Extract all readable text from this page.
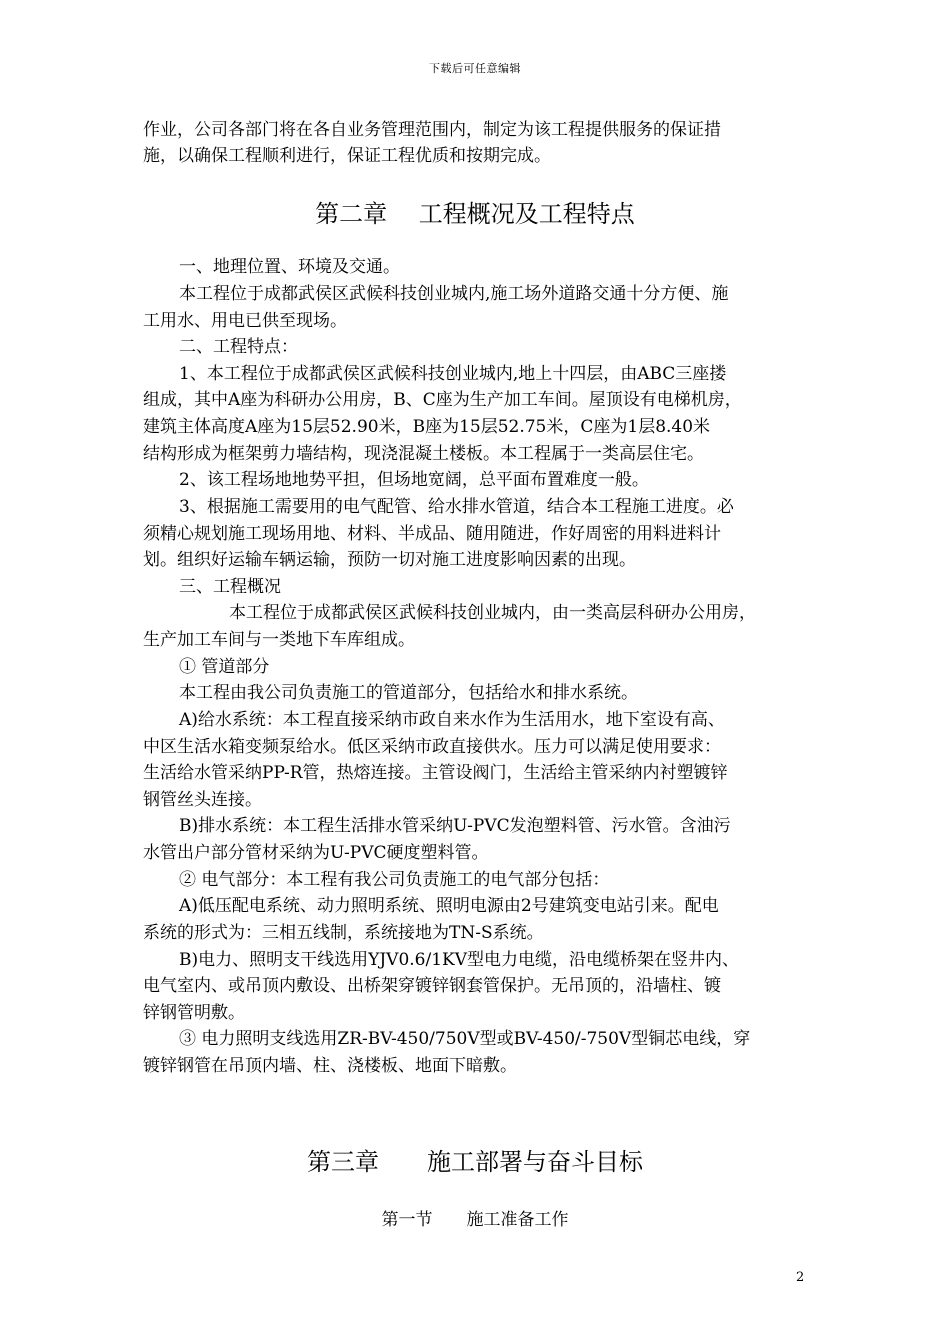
下载后可任意编辑
作业，公司各部门将在各自业务管理范围内，制定为该工程提供服务的保证措
施，以确保工程顺利进行，保证工程优质和按期完成。
第二章　 工程概况及工程特点
一、地理位置、环境及交通。
本工程位于成都武侯区武候科技创业城内,施工场外道路交通十分方便、施
工用水、用电已供至现场。
二、工程特点：
1、本工程位于成都武侯区武候科技创业城内,地上十四层，由ABC三座搂
组成，其中A座为科研办公用房，B、C座为生产加工车间。屋顶设有电梯机房，
建筑主体高度A座为15层52.90米，B座为15层52.75米，C座为1层8.40米
结构形成为框架剪力墙结构，现浇混凝土楼板。本工程属于一类高层住宅。
2、该工程场地地势平担，但场地宽阔，总平面布置难度一般。
3、根据施工需要用的电气配管、给水排水管道，结合本工程施工进度。必
须精心规划施工现场用地、材料、半成品、随用随进，作好周密的用料进料计
划。组织好运输车辆运输，预防一切对施工进度影响因素的出现。
三、工程概况
本工程位于成都武侯区武候科技创业城内，由一类高层科研办公用房，
生产加工车间与一类地下车库组成。
① 管道部分
本工程由我公司负责施工的管道部分，包括给水和排水系统。
A)给水系统：本工程直接采纳市政自来水作为生活用水，地下室设有高、
中区生活水箱变频泵给水。低区采纳市政直接供水。压力可以满足使用要求：
生活给水管采纳PP-R管，热熔连接。主管设阀门，生活给主管采纳内衬塑镀锌
钢管丝头连接。
B)排水系统：本工程生活排水管采纳U-PVC发泡塑料管、污水管。含油污
水管出户部分管材采纳为U-PVC硬度塑料管。
② 电气部分：本工程有我公司负责施工的电气部分包括：
A)低压配电系统、动力照明系统、照明电源由2号建筑变电站引来。配电
系统的形式为：三相五线制，系统接地为TN-S系统。
B)电力、照明支干线选用YJV0.6/1KV型电力电缆，沿电缆桥架在竖井内、
电气室内、或吊顶内敷设、出桥架穿镀锌钢套管保护。无吊顶的，沿墙柱、镀
锌钢管明敷。
③ 电力照明支线选用ZR-BV-450/750V型或BV-450/-750V型铜芯电线，穿
镀锌钢管在吊顶内墙、柱、浇楼板、地面下暗敷。
第三章　　施工部署与奋斗目标
第一节　　施工准备工作
2
